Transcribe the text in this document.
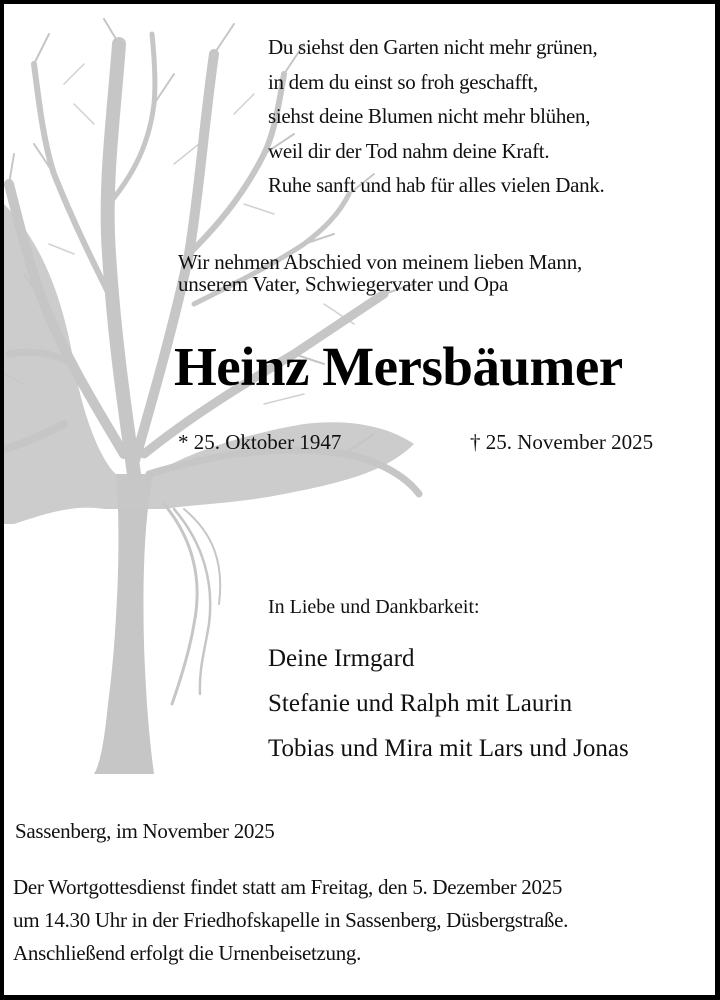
Du siehst den Garten nicht mehr grünen,
in dem du einst so froh geschafft,
siehst deine Blumen nicht mehr blühen,
weil dir der Tod nahm deine Kraft.
Ruhe sanft und hab für alles vielen Dank.
Wir nehmen Abschied von meinem lieben Mann,
unserem Vater, Schwiegervater und Opa
Heinz Mersbäumer
* 25. Oktober 1947	† 25. November 2025
In Liebe und Dankbarkeit:
Deine Irmgard
Stefanie und Ralph mit Laurin
Tobias und Mira mit Lars und Jonas
Sassenberg, im November 2025
Der Wortgottesdienst findet statt am Freitag, den 5. Dezember 2025
um 14.30 Uhr in der Friedhofskapelle in Sassenberg, Düsbergstraße.
Anschließend erfolgt die Urnenbeisetzung.
